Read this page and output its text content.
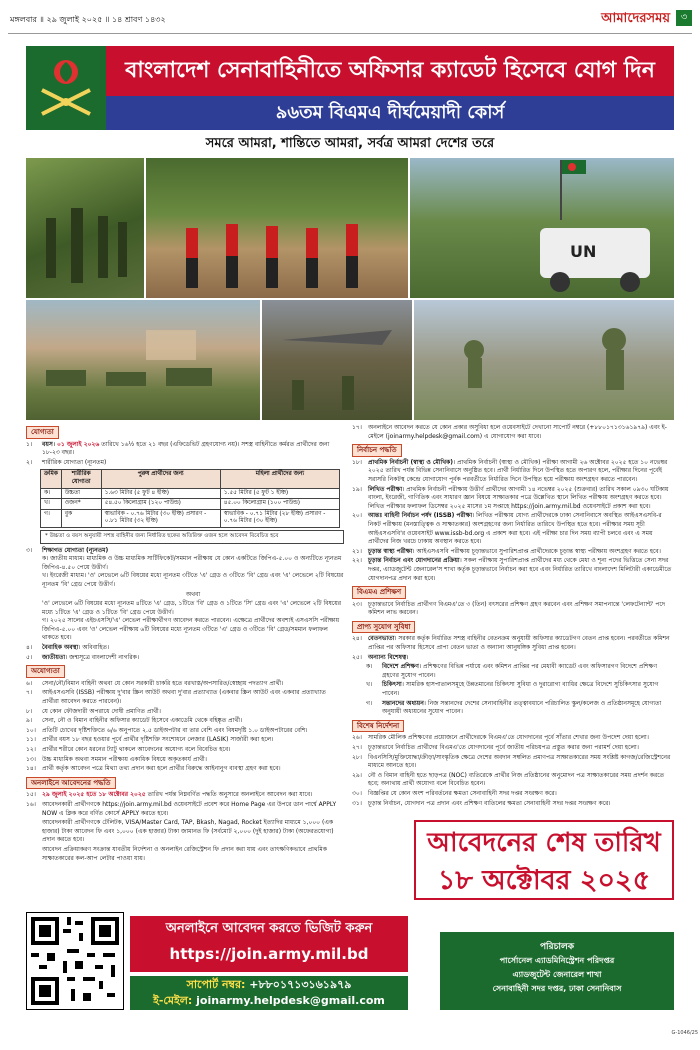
মঙ্গলবার ॥ ২৯ জুলাই ২০২৫ ॥ ১৪ শ্রাবণ ১৪৩২	আমাদেরসময়	৩
বাংলাদেশ সেনাবাহিনীতে অফিসার ক্যাডেট হিসেবে যোগ দিন
৯৬তম বিএমএ দীর্ঘমেয়াদী কোর্স
সমরে আমরা, শান্তিতে আমরা, সর্বত্র আমরা দেশের তরে
UN
যোগ্যতা
১।	বয়স। ০১ জুলাই ২০২৬ তারিখে ১৬½ হতে ২১ বছর (এফিডেভিট গ্রহণযোগ্য নয়)। সশস্ত্র বাহিনীতে কর্মরত প্রার্থীদের জন্য ১৮-২৩ বছর।
২।	শারীরিক যোগ্যতা (ন্যূনতম)
ক্রমিক	শারীরিক যোগ্যতা	পুরুষ প্রার্থীদের জন্য	মহিলা প্রার্থীদের জন্য
ক।	উচ্চতা	১.৬৩ মিটার (৫ ফুট ৪ ইঞ্চি)	১.৫৫ মিটার (৫ ফুট ১ ইঞ্চি)
খ।	ওজন*	৫৪.৫০ কিলোগ্রাম (১২০ পাউন্ড)	৪৫.০০ কিলোগ্রাম (১০০ পাউন্ড)
গ।	বুক	স্বাভাবিক - ০.৭৬ মিটার (৩০ ইঞ্চি) প্রসারণ - ০.৮১ মিটার (৩২ ইঞ্চি)	স্বাভাবিক - ০.৭১ মিটার (২৮ ইঞ্চি) প্রসারণ - ০.৭৬ মিটার (৩০ ইঞ্চি)
* উচ্চতা ও বয়স অনুযায়ী সশস্ত্র বাহিনীর জন্য নির্ধারিত ছকের অতিরিক্ত ওজন হলে আবেদন বিবেচিত হবে
৩।	শিক্ষাগত যোগ্যতা (ন্যূনতম)
ক। জাতীয় মাধ্যম। মাধ্যমিক ও উচ্চ মাধ্যমিক সার্টিফিকেট/সমমান পরীক্ষায় যে কোন একটিতে জিপিএ-৫.০০ ও অন্যটিতে ন্যূনতম জিপিএ-৪.৫০ পেয়ে উত্তীর্ণ।
খ। ইংরেজী মাধ্যম। 'ও' লেভেলে ৬টি বিষয়ের মধ্যে ন্যূনতম ৩টিতে 'এ' গ্রেড ও ৩টিতে 'বি' গ্রেড এবং 'এ' লেভেলে ২টি বিষয়ের ন্যূনতম 'বি' গ্রেড পেয়ে উত্তীর্ণ।
অথবা
'ও' লেভেলে ৬টি বিষয়ের মধ্যে ন্যূনতম ৪টিতে 'এ' গ্রেড, ১টিতে 'বি' গ্রেড ও ১টিতে 'সি' গ্রেড এবং 'এ' লেভেলে ২টি বিষয়ের মধ্যে ১টিতে 'এ' গ্রেড ও ১টিতে 'বি' গ্রেড পেয়ে উত্তীর্ণ।
গ। ২০২৫ সালের এইচএসসি/'এ' লেভেল পরীক্ষার্থীগণ আবেদন করতে পারবেন। এক্ষেত্রে প্রার্থীদের অবশ্যই এসএসসি পরীক্ষায় জিপিএ-৫.০০ এবং 'ও' লেভেল পরীক্ষায় ৬টি বিষয়ের মধ্যে ন্যূনতম ৩টিতে 'এ' গ্রেড ও ৩টিতে 'বি' গ্রেড/সমমান ফলাফল থাকতে হবে।
৪।	বৈবাহিক অবস্থা। অবিবাহিত।
৫।	জাতীয়তা। জন্মসূত্রে বাংলাদেশী নাগরিক।
অযোগ্যতা
৬।	সেনা/নৌ/বিমান বাহিনী অথবা যে কোন সরকারী চাকরি হতে বরখাস্ত/অপসারিত/স্বেচ্ছায় পদত্যাগ প্রার্থী।
৭।	আইএসএসবি (ISSB) পরীক্ষায় দু'বার স্ক্রিন আউট অথবা দু'বার প্রত্যাখ্যাত (একবার স্ক্রিন আউট এবং একবার প্রত্যাখ্যাত প্রার্থীরা আবেদন করতে পারবেন)।
৮।	যে কোন ফৌজদারী অপরাধে দোষী প্রমাণিত প্রার্থী।
৯।	সেনা, নৌ ও বিমান বাহিনীর অফিসার ক্যাডেট হিসেবে একাডেমি থেকে বহিষ্কৃত প্রার্থী।
১০।	প্রতিটি চোখের দৃষ্টিশক্তিতে ৬/৬ অনুপাতে ২.৫ ডাইঅপটার বা তার বেশি এবং বিষমদৃষ্টি ১.০ ডাইঅপটারের বেশি।
১১।	প্রার্থীর বয়স ১৮ বছর হওয়ার পূর্বে প্রার্থীর দৃষ্টিশক্তি সংশোধনে লেজার (LASIK) সার্জারী করা হলে।
১২।	প্রার্থীর শরীরে কোন ধরনের ট্যাটু থাকলে আবেদনের অযোগ্য বলে বিবেচিত হবে।
১৩।	উচ্চ মাধ্যমিক অথবা সমমান পরীক্ষায় একাধিক বিষয়ে অকৃতকার্য প্রার্থী।
১৪।	প্রার্থী কর্তৃক আবেদন পত্রে মিথ্যা তথ্য প্রদান করা হলে প্রার্থীর বিরুদ্ধে আইনানুগ ব্যবস্থা গ্রহণ করা হবে।
অনলাইনে আবেদনের পদ্ধতি
১৫।	২৯ জুলাই ২০২৫ হতে ১৮ অক্টোবর ২০২৫ তারিখ পর্যন্ত নিম্নবর্ণিত পদ্ধতি অনুসারে অনলাইনে আবেদন করা যাবে।
১৬।	আবেদনকারী প্রার্থীগণকে https://join.army.mil.bd ওয়েবসাইটে প্রবেশ করে Home Page এর উপরে ডান পার্শ্বে APPLY NOW এ ক্লিক করে বর্ণিত কোর্সে APPLY করতে হবে।
আবেদনকারী প্রার্থীগণকে টেলিটক, VISA/Master Card, TAP, Bkash, Nagad, Rocket ইত্যাদির মাধ্যমে ১,০০০ (এক হাজার) টাকা আবেদন ফি এবং ১,০০০ (এক হাজার) টাকা জামানত ফি (সর্বমোট ২,০০০ (দুই হাজার) টাকা (অফেরতযোগ্য) প্রদান করতে হবে।
আবেদন প্রক্রিয়াকরণ সংক্রান্ত যাবতীয় নির্দেশনা ও অনলাইন রেজিস্ট্রেশন ফি প্রদান করা যায় এবং তাৎক্ষণিকভাবে প্রাথমিক সাক্ষাতকারের কল-আপ লেটার পাওয়া যায়।
১৭।	অনলাইনে আবেদন করতে যে কোন প্রকার অসুবিধা হলে ওয়েবসাইটে দেখানো সাপোর্ট নম্বরে (+৮৮০১৭১৩১৬১৯৭৯) এবং ই-মেইলে (joinarmy.helpdesk@gmail.com) এ যোগাযোগ করা যাবে।
নির্বাচন পদ্ধতি
১৮।	প্রাথমিক নির্বাচনী (স্বাস্থ্য ও মৌখিক)। প্রাথমিক নির্বাচনী (স্বাস্থ্য ও মৌখিক) পরীক্ষা আগামী ২৬ অক্টোবর ২০২৫ হতে ১০ নভেম্বর ২০২৫ তারিখ পর্যন্ত বিভিন্ন সেনানিবাসে অনুষ্ঠিত হবে। প্রার্থী নির্ধারিত দিনে উপস্থিত হতে অপারগ হলে, পরীক্ষার দিনের পূর্বেই সরাসরি নিকটস্থ কেন্দ্রে যোগাযোগ পূর্বক পরবর্তীতে নির্ধারিত দিনে উপস্থিত হয়ে পরীক্ষায় অংশগ্রহণ করতে পারবেন।
১৯।	লিখিত পরীক্ষা। প্রাথমিক নির্বাচনী পরীক্ষায় উত্তীর্ণ প্রার্থীদের আগামী ১৪ নভেম্বর ২০২৫ (শুক্রবার) তারিখ সকাল ০৯৩০ ঘটিকায় বাংলা, ইংরেজী, গাণিতিক এবং সাধারণ জ্ঞান বিষয়ে সাক্ষাতকার পত্রে উল্লেখিত স্থানে লিখিত পরীক্ষায় অংশগ্রহণ করতে হবে। লিখিত পরীক্ষার ফলাফল ডিসেম্বর ২০২৫ মাসের ১ম সপ্তাহে https://join.army.mil.bd ওয়েবসাইটে প্রকাশ করা হবে।
২০।	আন্তঃ বাহিনী নির্বাচন পর্ষদ (ISSB) পরীক্ষা। লিখিত পরীক্ষায় যোগ্য প্রার্থীদেরকে ঢাকা সেনানিবাসে অবস্থিত আইএসএসবি-র নিকট পরীক্ষায় (মনস্তাত্ত্বিক ও সাক্ষাতকার) অংশগ্রহণের জন্য নির্ধারিত তারিখে উপস্থিত হতে হবে। পরীক্ষার সময় সূচী আইএসএসবি'র ওয়েবসাইট www.issb-bd.org এ প্রকাশ করা হবে। এই পরীক্ষা চার দিন সময় ব্যাপী চলবে এবং এ সময় প্রার্থীদের নিজ খরচে ঢাকায় অবস্থান করতে হবে।
২১।	চূড়ান্ত স্বাস্থ্য পরীক্ষা। আইএসএসবি পরীক্ষায় চূড়ান্তভাবে সুপারিশপ্রাপ্ত প্রার্থীদেরকে চূড়ান্ত স্বাস্থ্য পরীক্ষায় অংশগ্রহণ করতে হবে।
২২।	চূড়ান্ত নির্বাচন এবং যোগদানের প্রক্রিয়া। সকল পরীক্ষায় সুপারিশপ্রাপ্ত প্রার্থীদের মধ্য থেকে মেধা ও শূন্য পদের ভিত্তিতে সেনা সদর দপ্তর, এ্যাডজুটেন্ট জেনারেল'স শাখা কর্তৃক চূড়ান্তভাবে নির্বাচন করা হবে এবং নির্ধারিত তারিখে বাংলাদেশ মিলিটারী একাডেমীতে যোগদানপত্র প্রদান করা হবে।
বিএমএ প্রশিক্ষণ
২৩।	চূড়ান্তভাবে নির্বাচিত প্রার্থীগণ বিএমএ'তে ৩ (তিন) বৎসরের প্রশিক্ষণ গ্রহণ করবেন এবং প্রশিক্ষণ সমাপনান্তে 'লেফটেন্যান্ট' পদে কমিশন লাভ করবেন।
প্রাপ্য সুযোগ সুবিধা
২৪।	বেতনভাতা। সরকার কর্তৃক নির্ধারিত সশস্ত্র বাহিনীর বেতনক্রম অনুযায়ী অফিসার ক্যাডেটগণ বেতন প্রাপ্ত হবেন। পরবর্তীতে কমিশন প্রাপ্তির পর অফিসার হিসেবে প্রাপ্য বেতন ভাতা ও অন্যান্য আনুষঙ্গিক সুবিধা প্রাপ্ত হবেন।
২৫।	অন্যান্য বিশেষত্ব।
ক।	বিদেশে প্রশিক্ষণ। প্রশিক্ষণের বিভিন্ন পর্যায়ে এবং কমিশন প্রাপ্তির পর মেধাবী ক্যাডেট এবং অফিসারগণ বিদেশে প্রশিক্ষণ গ্রহণের সুযোগ পাবেন।
খ।	চিকিৎসা। সামরিক হাসপাতালসমূহে উন্নতমানের চিকিৎসা সুবিধা ও দুরারোগ্য ব্যাধির ক্ষেত্রে বিদেশে সুচিকিৎসার সুযোগ পাবেন।
গ।	সন্তানদের অধ্যয়ন। নিজ সন্তানদের দেশের সেনাবাহিনীর তত্ত্বাবধানে পরিচালিত স্কুল/কলেজ ও প্রতিষ্ঠানসমূহে যোগ্যতা অনুযায়ী অধ্যয়নের সুযোগ পাবেন।
বিশেষ নির্দেশনা
২৬।	সামরিক মৌলিক প্রশিক্ষণের প্রয়োজনে প্রার্থীদেরকে বিএমএ'তে যোগদানের পূর্বে সাঁতার শেখার জন্য উপদেশ দেয়া হলো।
২৭।	চূড়ান্তভাবে নির্বাচিত প্রার্থীদের বিএমএ'তে যোগদানের পূর্বে জাতীয় পরিচয়পত্র প্রস্তুত করার জন্য পরামর্শ দেয়া হলো।
২৮।	বিএনসিসি/মুক্তিযোদ্ধা/ক্রীড়া/সাংস্কৃতিক ক্ষেত্রে দেশের অবদান সম্বলিত প্রমাণপত্র সাক্ষাতকারের সময় সংশ্লিষ্ট কাগজ/রেজিস্ট্রেশনের মাধ্যমে আনতে হবে।
২৯।	নৌ ও বিমান বাহিনী হতে ছাড়পত্র (NOC) ব্যতিরেকে প্রার্থীর নিজ প্রতিষ্ঠানের অনুমোদন পত্র সাক্ষাতকারের সময় প্রদর্শন করতে হবে; অন্যথায় প্রার্থী অযোগ্য বলে বিবেচিত হবেন।
৩০।	বিজ্ঞপ্তির যে কোন অংশ পরিবর্তনের ক্ষমতা সেনাবাহিনী সদর দপ্তর সংরক্ষণ করে।
৩১।	চূড়ান্ত নির্বাচন, যোগদান পত্র প্রদান এবং প্রশিক্ষণ বাতিলের ক্ষমতা সেনাবাহিনী সদর দপ্তর সংরক্ষণ করে।
আবেদনের শেষ তারিখ
১৮ অক্টোবর ২০২৫
অনলাইনে আবেদন করতে ভিজিট করুন
https://join.army.mil.bd
সাপোর্ট নম্বর: +৮৮০১৭১৩১৬১৯৭৯
ই-মেইল: joinarmy.helpdesk@gmail.com
পরিচালক
পার্সোনেল এ্যাডমিনিস্ট্রেশন পরিদপ্তর
এ্যাডজুটেন্ট জেনারেল শাখা
সেনাবাহিনী সদর দপ্তর, ঢাকা সেনানিবাস
G-1046/25
